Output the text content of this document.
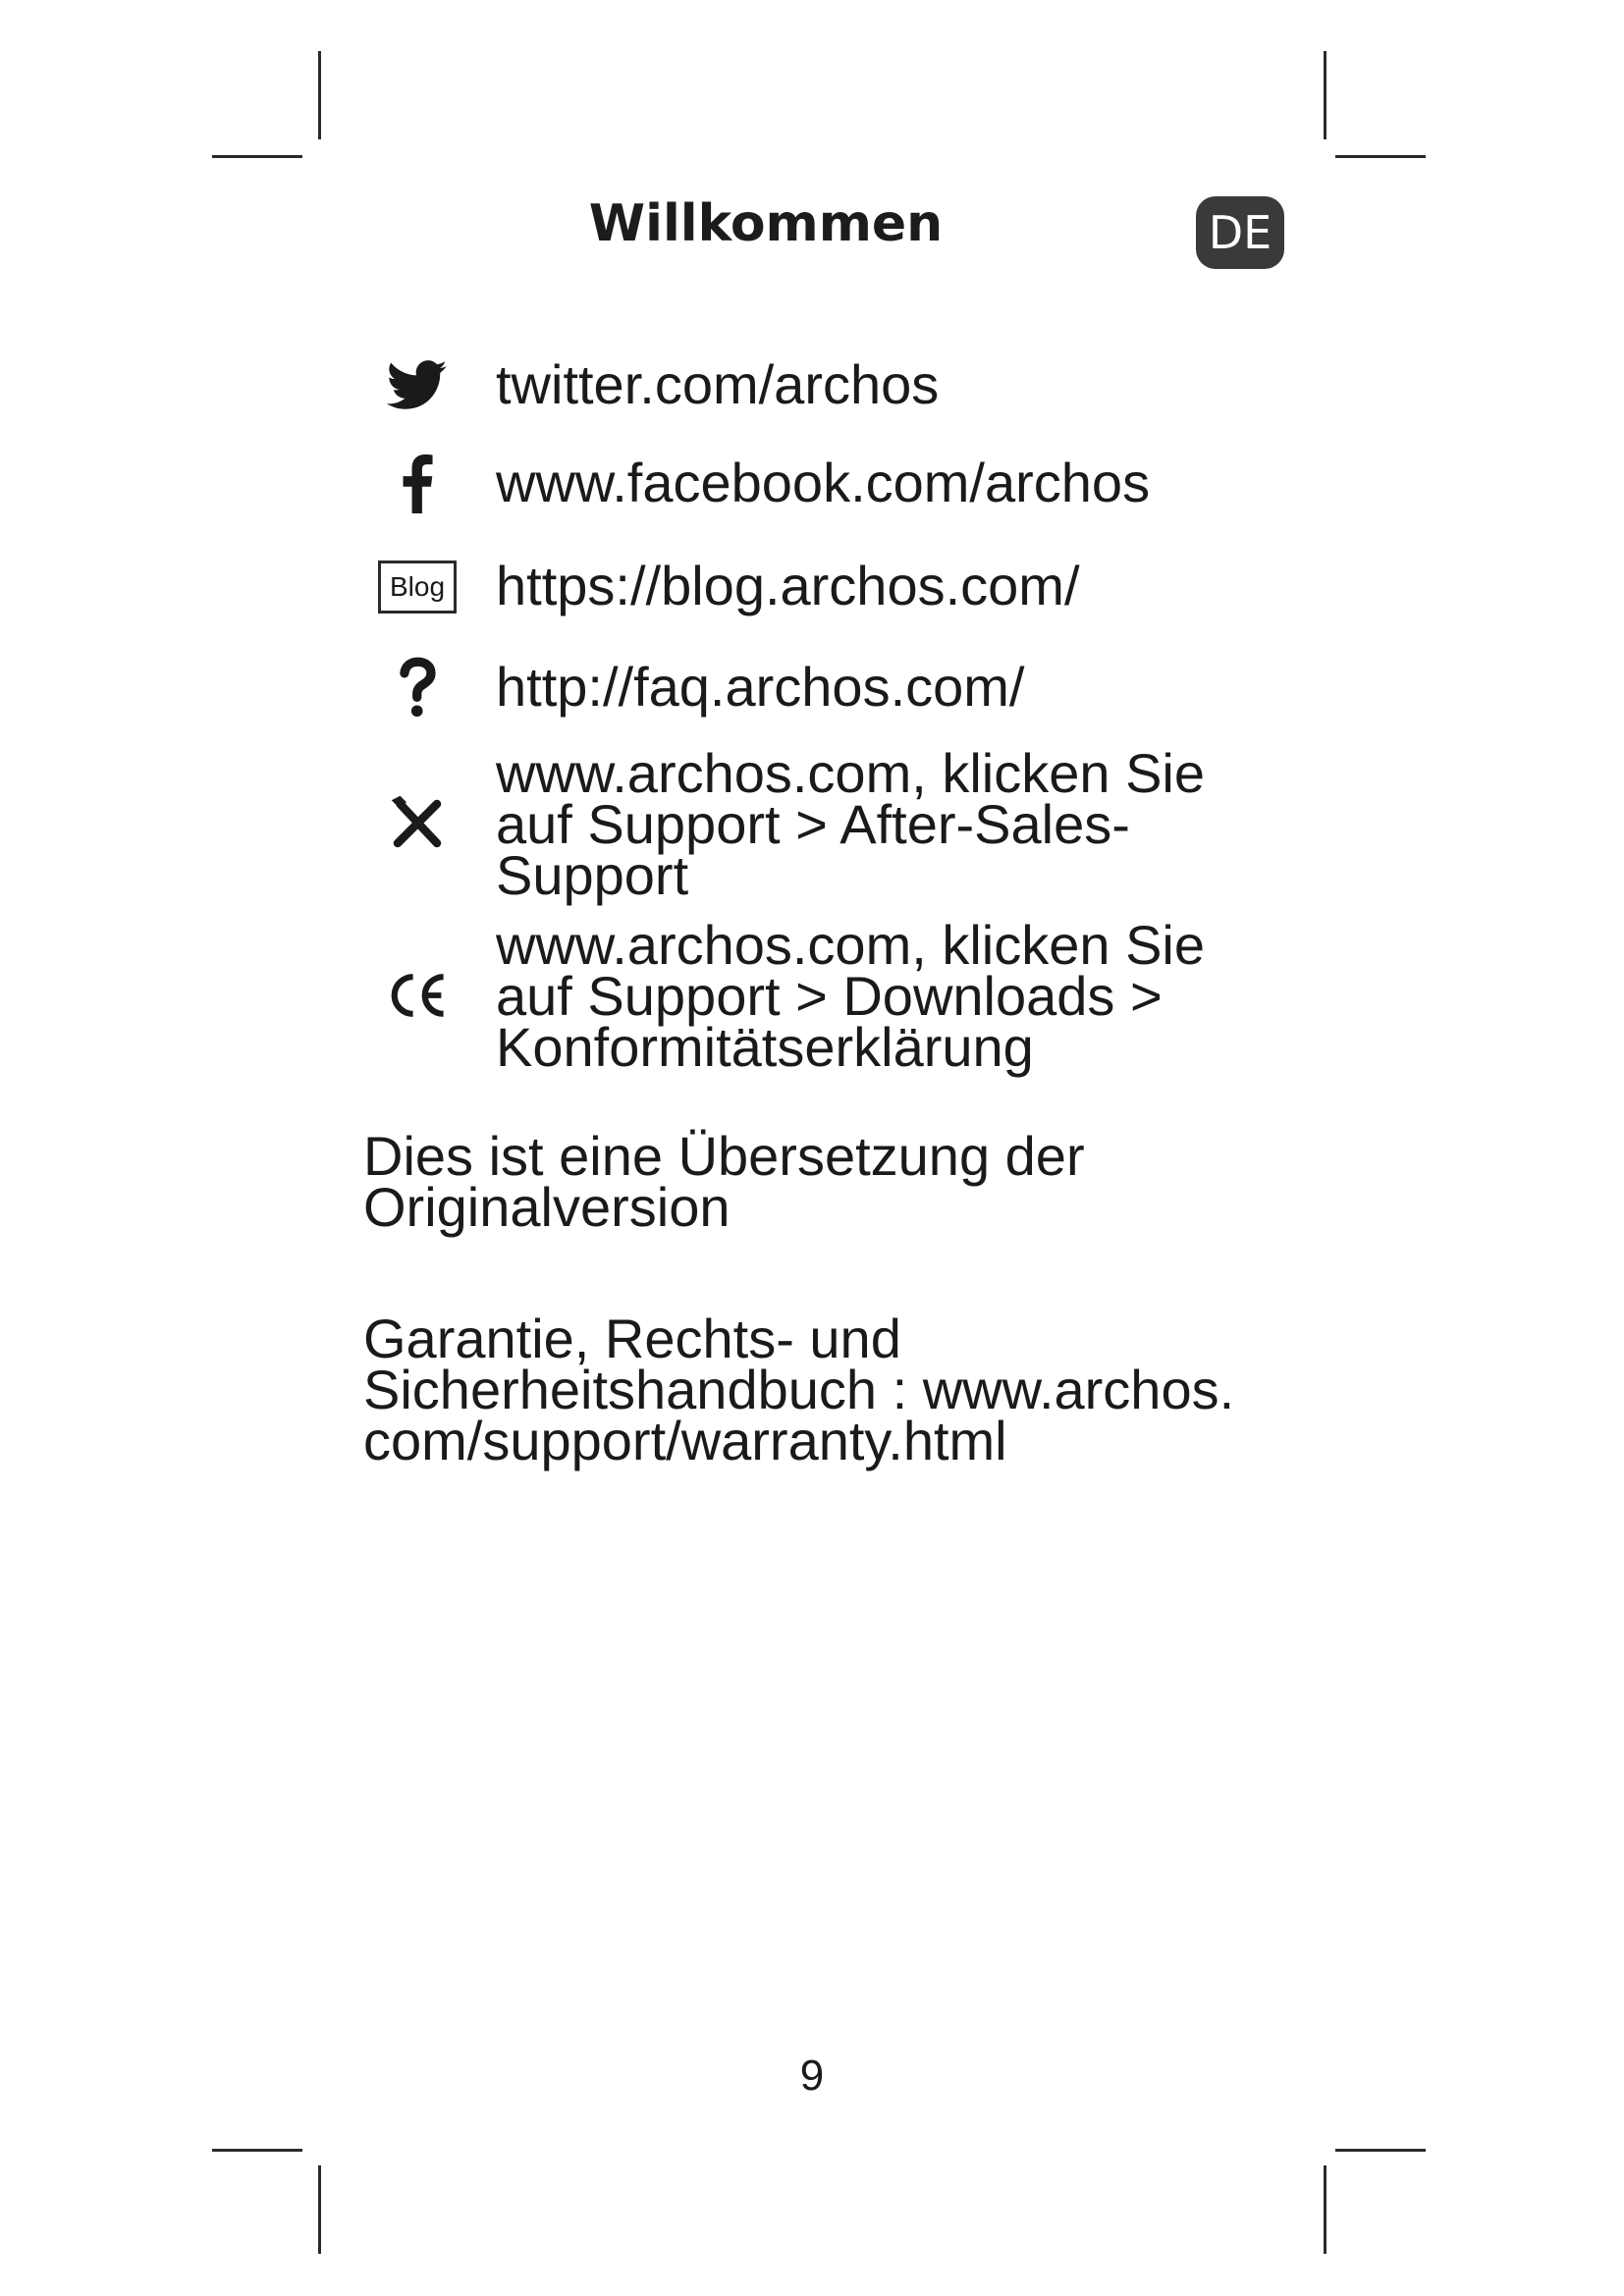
Willkommen	DE
twitter.com/archos
www.facebook.com/archos
Blog https://blog.archos.com/
http://faq.archos.com/
www.archos.com, klicken Sie
auf Support > After-Sales-
Support
www.archos.com, klicken Sie
auf Support > Downloads >
Konformitätserklärung
Dies ist eine Übersetzung der
Originalversion
Garantie, Rechts- und
Sicherheitshandbuch : www.archos.
com/support/warranty.html
9
